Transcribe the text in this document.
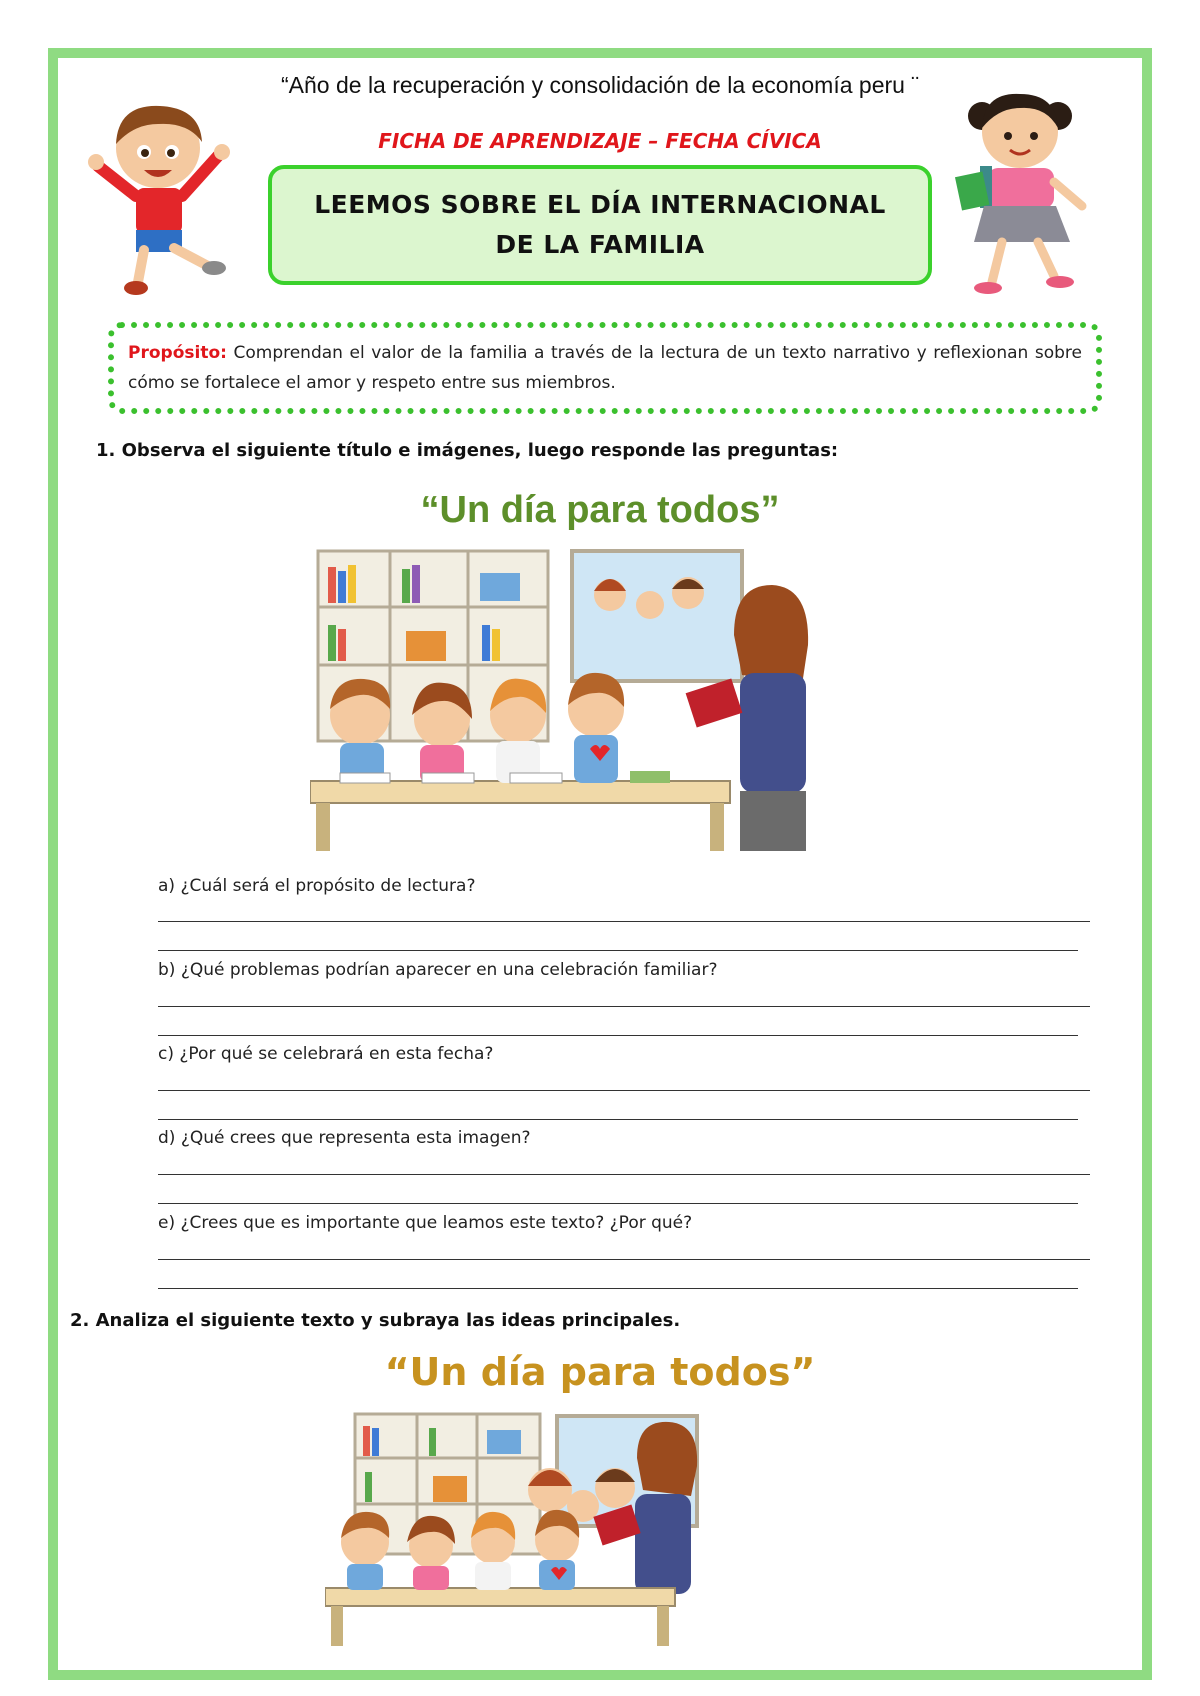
“Año de la recuperación y consolidación de la economía peru ¨
FICHA DE APRENDIZAJE – FECHA CÍVICA
LEEMOS SOBRE EL DÍA INTERNACIONAL
DE LA FAMILIA
Propósito: Comprendan el valor de la familia a través de la lectura de un texto narrativo y reflexionan sobre cómo se fortalece el amor y respeto entre sus miembros.
1. Observa el siguiente título e imágenes, luego responde las preguntas:
“Un día para todos”
a) ¿Cuál será el propósito de lectura?
b) ¿Qué problemas podrían aparecer en una celebración familiar?
c) ¿Por qué se celebrará en esta fecha?
d) ¿Qué crees que representa esta imagen?
e) ¿Crees que es importante que leamos este texto? ¿Por qué?
2. Analiza el siguiente texto y subraya las ideas principales.
“Un día para todos”
